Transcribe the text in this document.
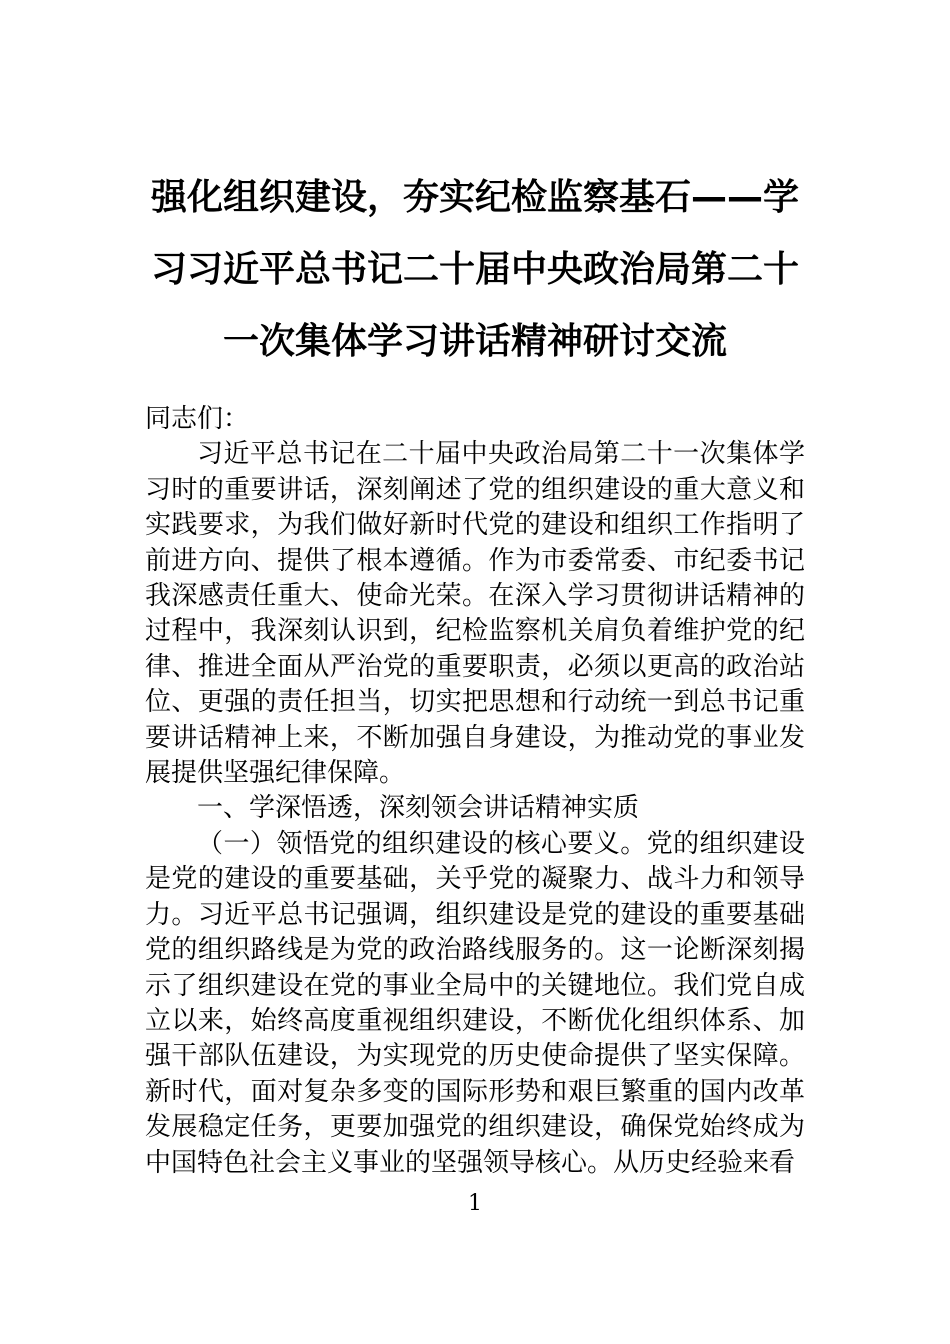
强化组织建设，夯实纪检监察基石——学习习近平总书记二十届中央政治局第二十一次集体学习讲话精神研讨交流

同志们：

习近平总书记在二十届中央政治局第二十一次集体学习时的重要讲话，深刻阐述了党的组织建设的重大意义和实践要求，为我们做好新时代党的建设和组织工作指明了前进方向、提供了根本遵循。作为市委常委、市纪委书记我深感责任重大、使命光荣。在深入学习贯彻讲话精神的过程中，我深刻认识到，纪检监察机关肩负着维护党的纪律、推进全面从严治党的重要职责，必须以更高的政治站位、更强的责任担当，切实把思想和行动统一到总书记重要讲话精神上来，不断加强自身建设，为推动党的事业发展提供坚强纪律保障。

一、学深悟透，深刻领会讲话精神实质

（一）领悟党的组织建设的核心要义。党的组织建设是党的建设的重要基础，关乎党的凝聚力、战斗力和领导力。习近平总书记强调，组织建设是党的建设的重要基础党的组织路线是为党的政治路线服务的。这一论断深刻揭示了组织建设在党的事业全局中的关键地位。我们党自成立以来，始终高度重视组织建设，不断优化组织体系、加强干部队伍建设，为实现党的历史使命提供了坚实保障。新时代，面对复杂多变的国际形势和艰巨繁重的国内改革发展稳定任务，更要加强党的组织建设，确保党始终成为中国特色社会主义事业的坚强领导核心。从历史经验来看

1
